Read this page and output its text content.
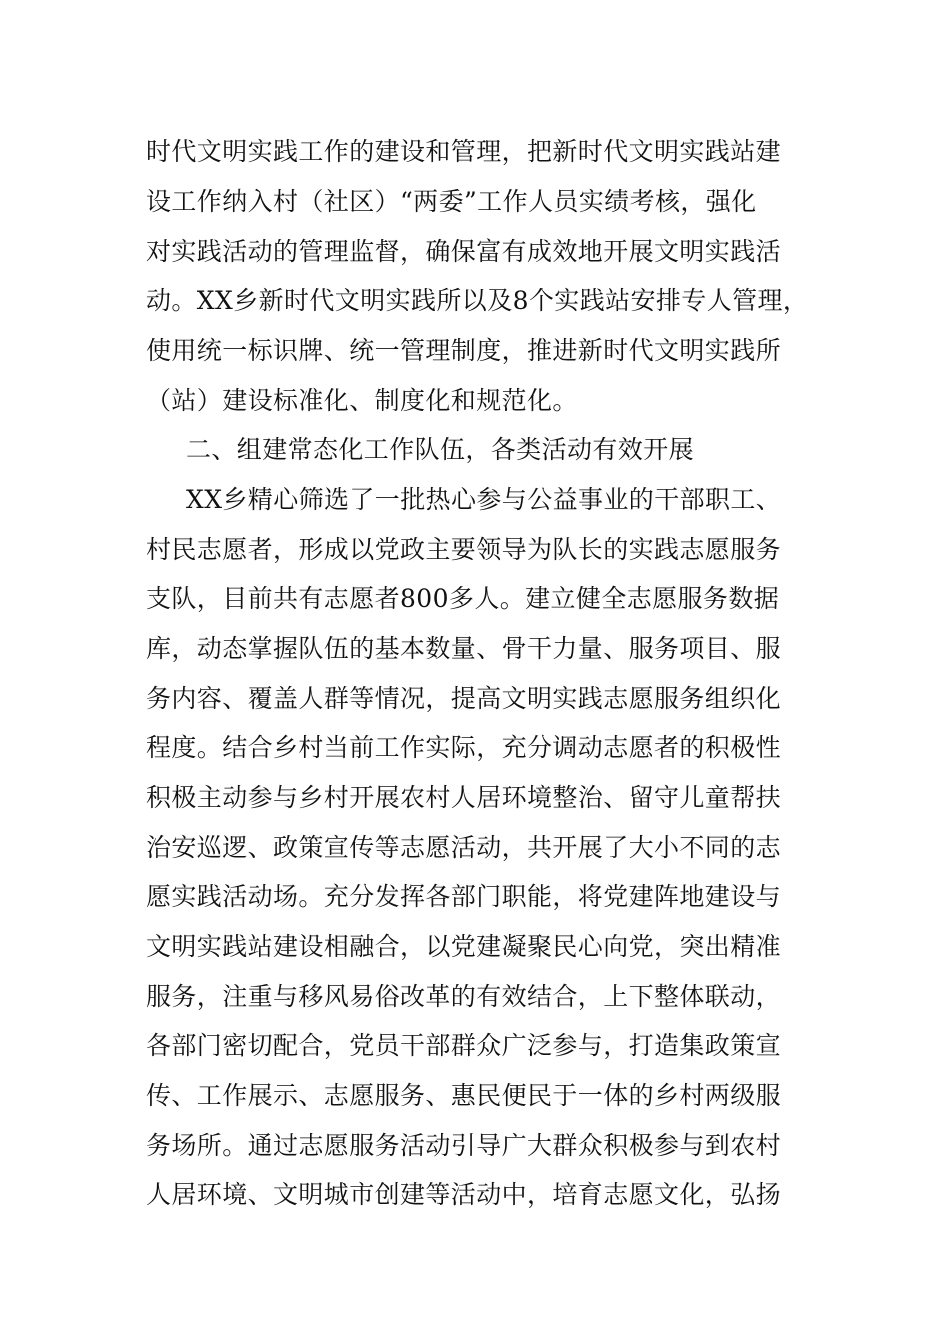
时代文明实践工作的建设和管理，把新时代文明实践站建
设工作纳入村（社区）“两委”工作人员实绩考核，强化
对实践活动的管理监督，确保富有成效地开展文明实践活
动。XX乡新时代文明实践所以及8个实践站安排专人管理，
使用统一标识牌、统一管理制度，推进新时代文明实践所
（站）建设标准化、制度化和规范化。
二、组建常态化工作队伍，各类活动有效开展
XX乡精心筛选了一批热心参与公益事业的干部职工、
村民志愿者，形成以党政主要领导为队长的实践志愿服务
支队，目前共有志愿者800多人。建立健全志愿服务数据
库，动态掌握队伍的基本数量、骨干力量、服务项目、服
务内容、覆盖人群等情况，提高文明实践志愿服务组织化
程度。结合乡村当前工作实际，充分调动志愿者的积极性
积极主动参与乡村开展农村人居环境整治、留守儿童帮扶
治安巡逻、政策宣传等志愿活动，共开展了大小不同的志
愿实践活动场。充分发挥各部门职能，将党建阵地建设与
文明实践站建设相融合，以党建凝聚民心向党，突出精准
服务，注重与移风易俗改革的有效结合，上下整体联动，
各部门密切配合，党员干部群众广泛参与，打造集政策宣
传、工作展示、志愿服务、惠民便民于一体的乡村两级服
务场所。通过志愿服务活动引导广大群众积极参与到农村
人居环境、文明城市创建等活动中，培育志愿文化，弘扬
